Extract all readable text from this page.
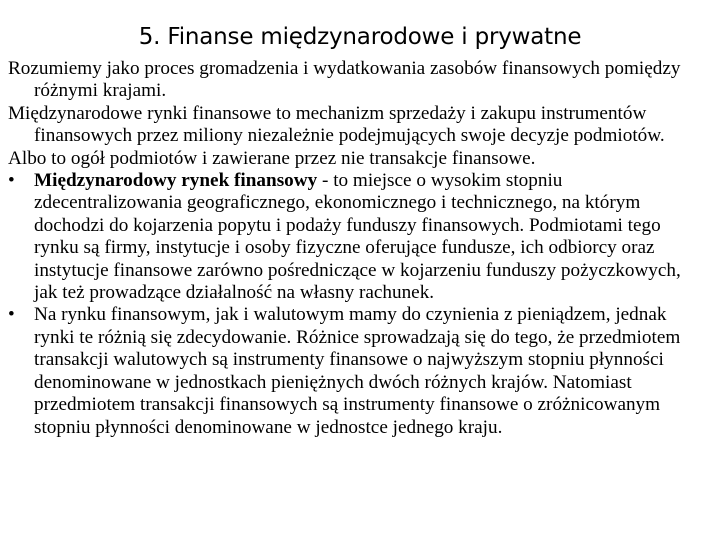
5. Finanse międzynarodowe i prywatne

Rozumiemy jako proces gromadzenia i wydatkowania zasobów finansowych pomiędzy różnymi krajami.

Międzynarodowe rynki finansowe to mechanizm sprzedaży i zakupu instrumentów finansowych przez miliony niezależnie podejmujących swoje decyzje podmiotów.

Albo to ogół podmiotów i zawierane przez nie transakcje finansowe.

•	Międzynarodowy rynek finansowy - to miejsce o wysokim stopniu zdecentralizowania geograficznego, ekonomicznego i technicznego, na którym dochodzi do kojarzenia popytu i podaży funduszy finansowych. Podmiotami tego rynku są firmy, instytucje i osoby fizyczne oferujące fundusze, ich odbiorcy oraz instytucje finansowe zarówno pośredniczące w kojarzeniu funduszy pożyczkowych, jak też prowadzące działalność na własny rachunek.

•	Na rynku finansowym, jak i walutowym mamy do czynienia z pieniądzem, jednak rynki te różnią się zdecydowanie. Różnice sprowadzają się do tego, że przedmiotem transakcji walutowych są instrumenty finansowe o najwyższym stopniu płynności denominowane w jednostkach pieniężnych dwóch różnych krajów. Natomiast przedmiotem transakcji finansowych są instrumenty finansowe o zróżnicowanym stopniu płynności denominowane w jednostce jednego kraju.
